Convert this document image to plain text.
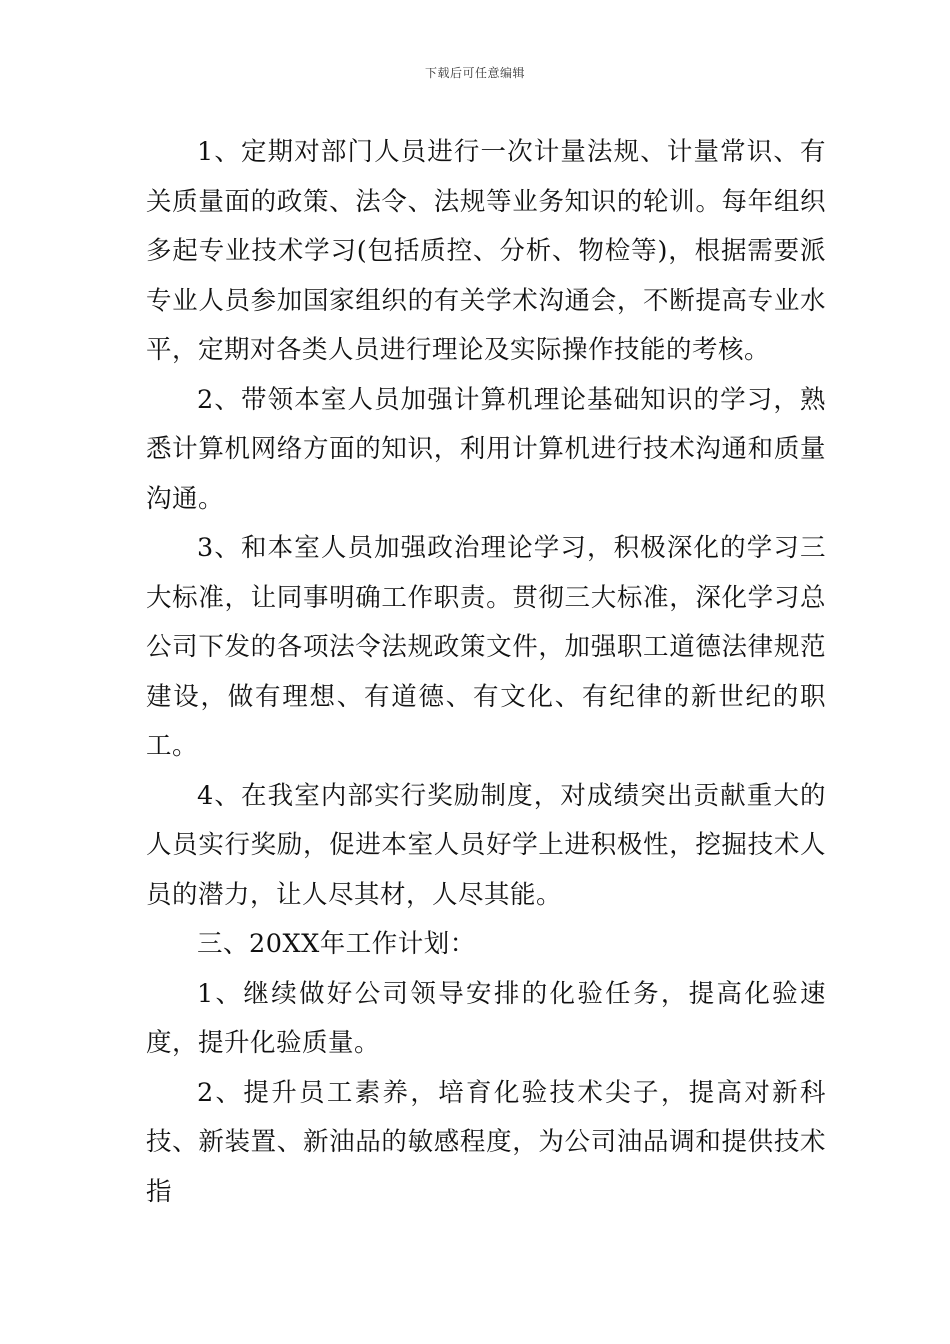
下载后可任意编辑

1、定期对部门人员进行一次计量法规、计量常识、有关质量面的政策、法令、法规等业务知识的轮训。每年组织多起专业技术学习(包括质控、分析、物检等)，根据需要派专业人员参加国家组织的有关学术沟通会，不断提高专业水平，定期对各类人员进行理论及实际操作技能的考核。

2、带领本室人员加强计算机理论基础知识的学习，熟悉计算机网络方面的知识，利用计算机进行技术沟通和质量沟通。

3、和本室人员加强政治理论学习，积极深化的学习三大标准，让同事明确工作职责。贯彻三大标准，深化学习总公司下发的各项法令法规政策文件，加强职工道德法律规范建设，做有理想、有道德、有文化、有纪律的新世纪的职工。

4、在我室内部实行奖励制度，对成绩突出贡献重大的人员实行奖励，促进本室人员好学上进积极性，挖掘技术人员的潜力，让人尽其材，人尽其能。

三、20XX年工作计划：

1、继续做好公司领导安排的化验任务，提高化验速度，提升化验质量。

2、提升员工素养，培育化验技术尖子，提高对新科技、新装置、新油品的敏感程度，为公司油品调和提供技术指
